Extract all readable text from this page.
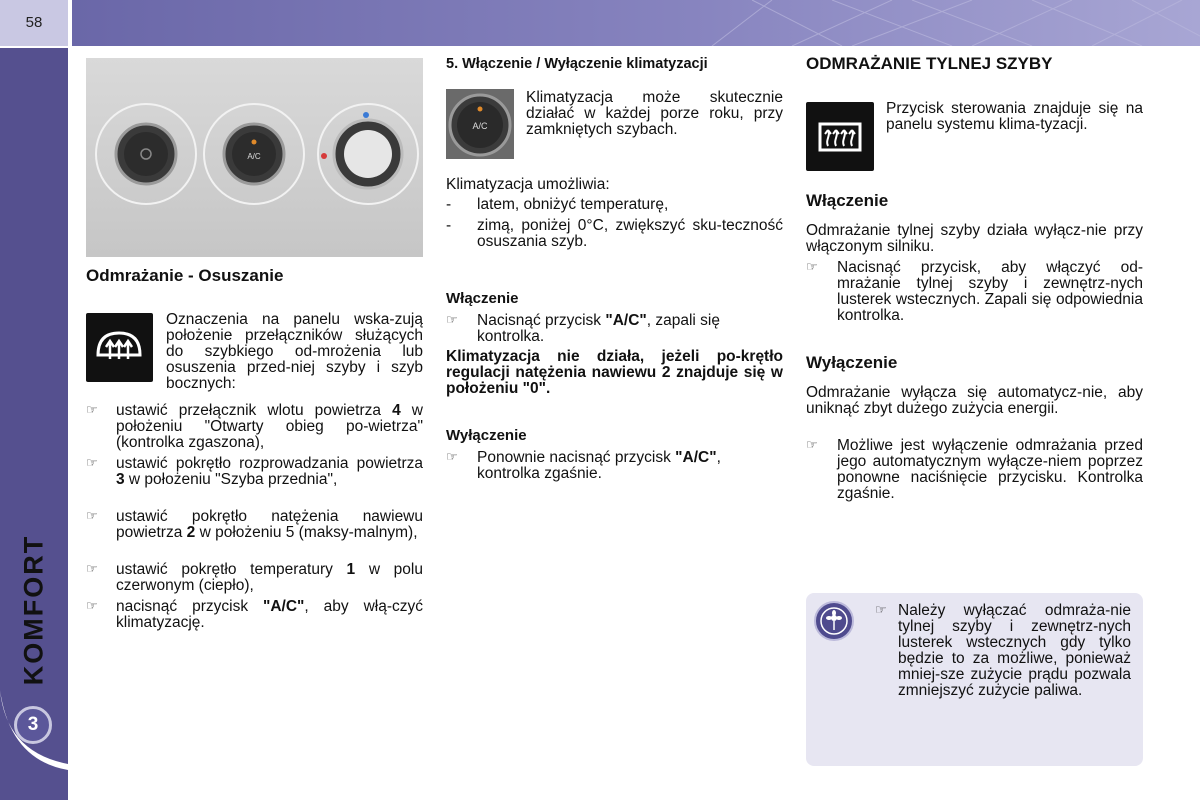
58
KOMFORT
3
A/C
Odmrażanie - Osuszanie
Oznaczenia na panelu wska-zują położenie przełączników służących do szybkiego od-mrożenia lub osuszenia przed-niej szyby i szyb bocznych:
☞	ustawić przełącznik wlotu powietrza 4 w położeniu "Otwarty obieg po-wietrza" (kontrolka zgaszona),
☞	ustawić pokrętło rozprowadzania powietrza 3 w położeniu "Szyba przednia",
☞	ustawić pokrętło natężenia nawiewu powietrza 2 w położeniu 5 (maksy-malnym),
☞	ustawić pokrętło temperatury 1 w polu czerwonym (ciepło),
☞	nacisnąć przycisk "A/C", aby włą-czyć klimatyzację.
5. Włączenie / Wyłączenie klimatyzacji
A/C
Klimatyzacja może skutecznie działać w każdej porze roku, przy zamkniętych szybach.
Klimatyzacja umożliwia:
- latem, obniżyć temperaturę,
- zimą, poniżej 0°C, zwiększyć sku-teczność osuszania szyb.
Włączenie
☞	Nacisnąć przycisk "A/C", zapali się kontrolka.
Klimatyzacja nie działa, jeżeli po-krętło regulacji natężenia nawiewu 2 znajduje się w położeniu "0".
Wyłączenie
☞	Ponownie nacisnąć przycisk "A/C", kontrolka zgaśnie.
ODMRAŻANIE TYLNEJ SZYBY
Przycisk sterowania znajduje się na panelu systemu klima-tyzacji.
Włączenie
Odmrażanie tylnej szyby działa wyłącz-nie przy włączonym silniku.
☞	Nacisnąć przycisk, aby włączyć od-mrażanie tylnej szyby i zewnętrz-nych lusterek wstecznych. Zapali się odpowiednia kontrolka.
Wyłączenie
Odmrażanie wyłącza się automatycz-nie, aby uniknąć zbyt dużego zużycia energii.
☞	Możliwe jest wyłączenie odmrażania przed jego automatycznym wyłącze-niem poprzez ponowne naciśnięcie przycisku. Kontrolka zgaśnie.
☞ Należy wyłączać odmraża-nie tylnej szyby i zewnętrz-nych lusterek wstecznych gdy tylko będzie to za możliwe, ponieważ mniej-sze zużycie prądu pozwala zmniejszyć zużycie paliwa.
